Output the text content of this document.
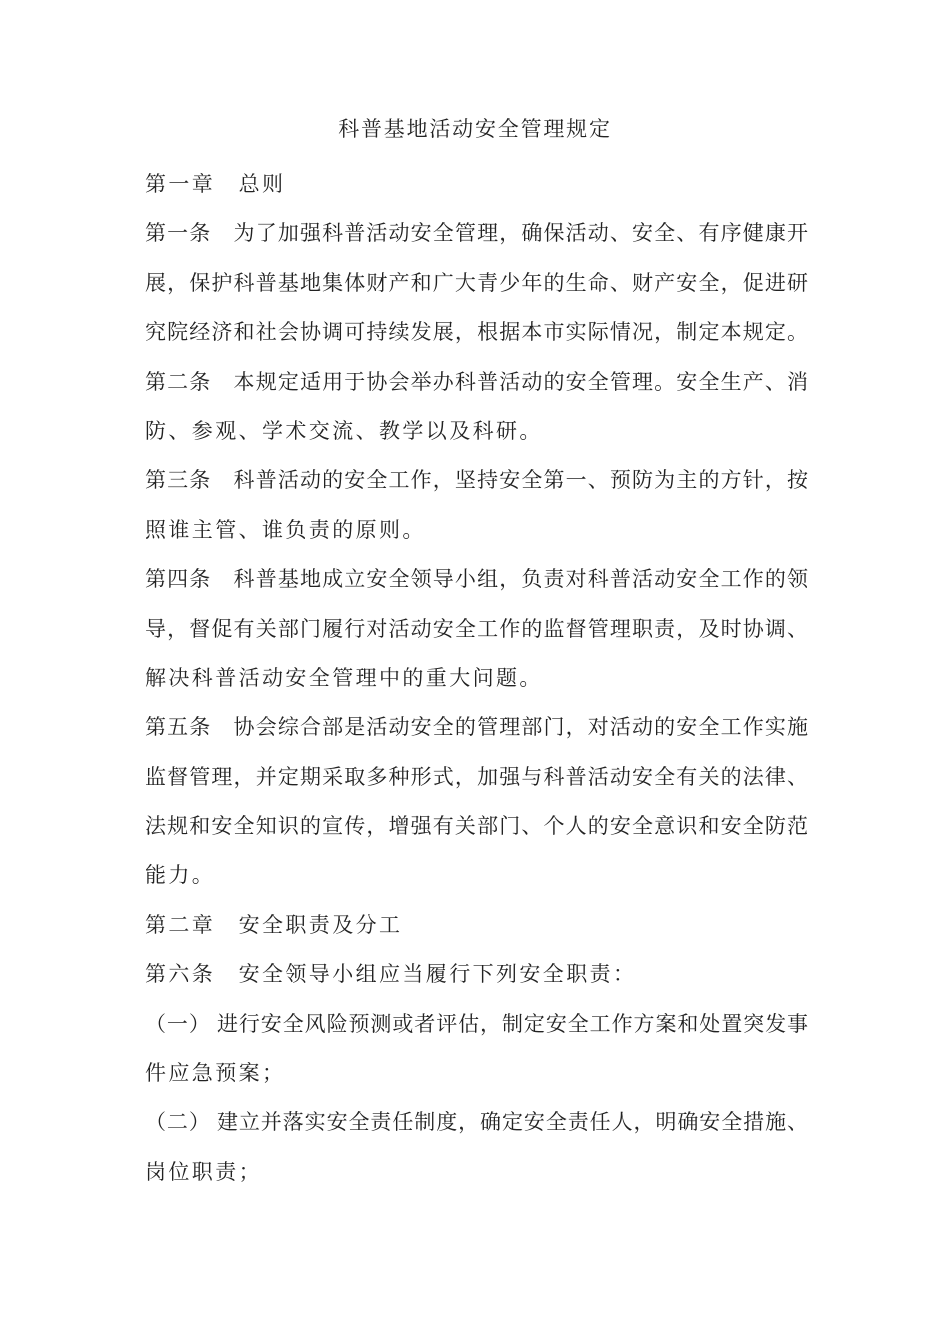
科普基地活动安全管理规定
第一章　总则
第一条　为了加强科普活动安全管理，确保活动、安全、有序健康开
展，保护科普基地集体财产和广大青少年的生命、财产安全，促进研
究院经济和社会协调可持续发展，根据本市实际情况，制定本规定。
第二条　本规定适用于协会举办科普活动的安全管理。安全生产、消
防、参观、学术交流、教学以及科研。
第三条　科普活动的安全工作，坚持安全第一、预防为主的方针，按
照谁主管、谁负责的原则。
第四条　科普基地成立安全领导小组，负责对科普活动安全工作的领
导，督促有关部门履行对活动安全工作的监督管理职责，及时协调、
解决科普活动安全管理中的重大问题。
第五条　协会综合部是活动安全的管理部门，对活动的安全工作实施
监督管理，并定期采取多种形式，加强与科普活动安全有关的法律、
法规和安全知识的宣传，增强有关部门、个人的安全意识和安全防范
能力。
第二章　安全职责及分工
第六条　安全领导小组应当履行下列安全职责：
（一） 进行安全风险预测或者评估，制定安全工作方案和处置突发事
件应急预案；
（二） 建立并落实安全责任制度，确定安全责任人，明确安全措施、
岗位职责；
